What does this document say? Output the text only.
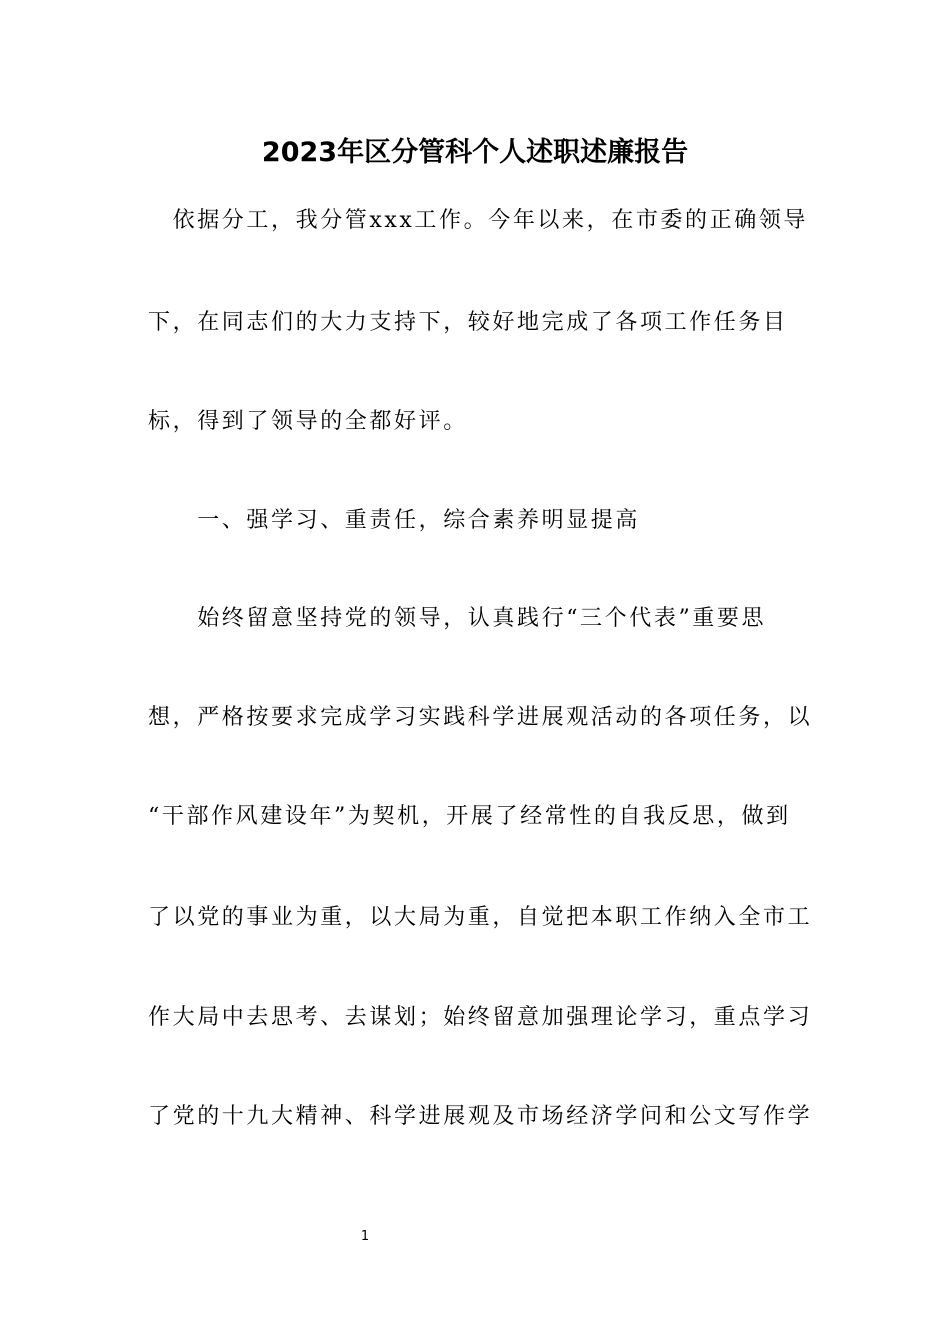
2023年区分管科个人述职述廉报告
　依据分工，我分管xxx工作。今年以来，在市委的正确领导
下，在同志们的大力支持下，较好地完成了各项工作任务目
标，得到了领导的全都好评。
　　一、强学习、重责任，综合素养明显提高
　　始终留意坚持党的领导，认真践行“三个代表”重要思
想，严格按要求完成学习实践科学进展观活动的各项任务，以
“干部作风建设年”为契机，开展了经常性的自我反思，做到
了以党的事业为重，以大局为重，自觉把本职工作纳入全市工
作大局中去思考、去谋划；始终留意加强理论学习，重点学习
了党的十九大精神、科学进展观及市场经济学问和公文写作学
1
